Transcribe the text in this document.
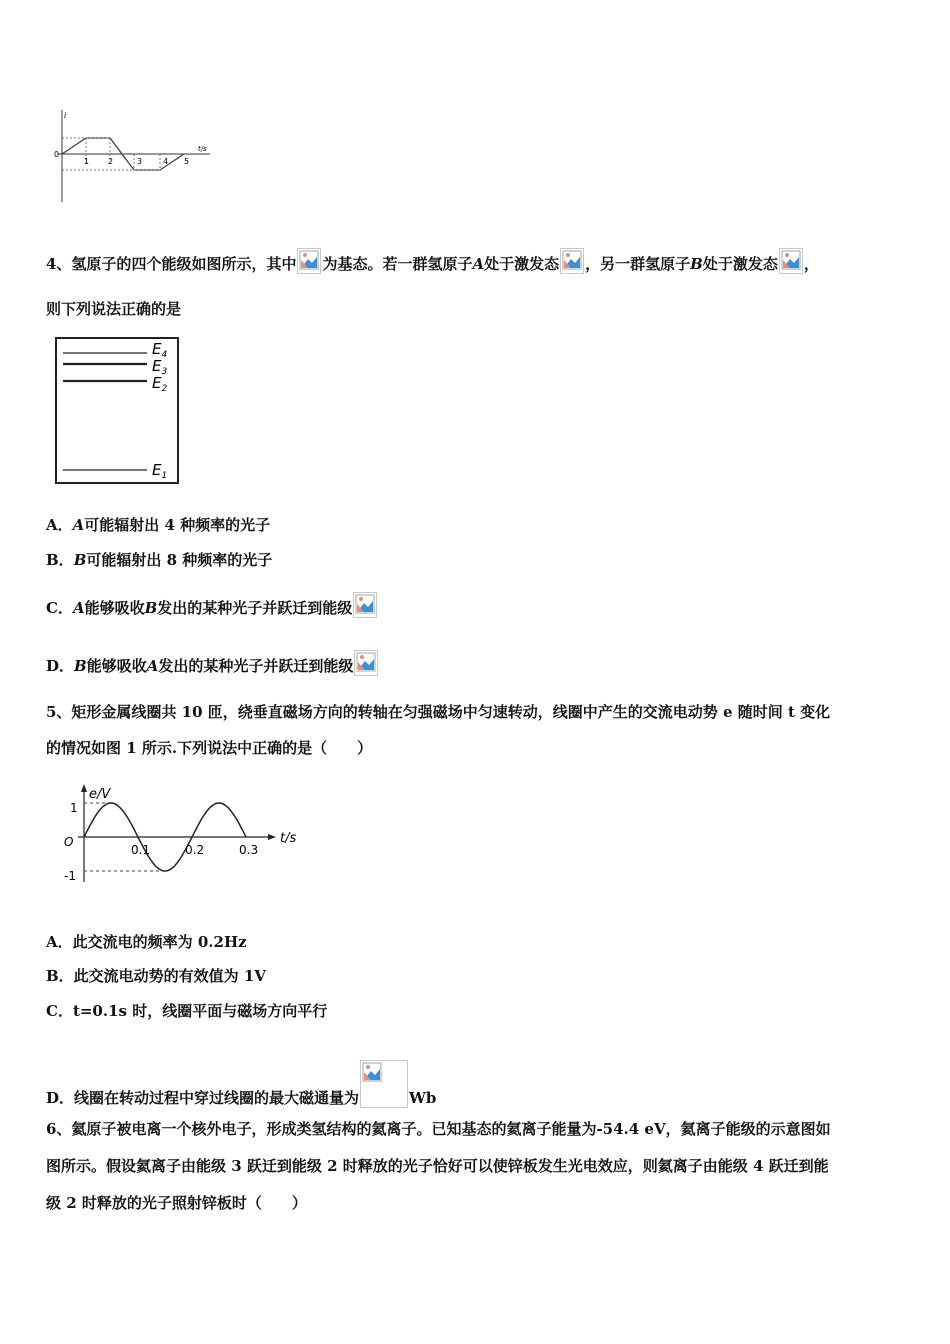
i
t/s
0
1 2	3	4 5
4、氢原子的四个能级如图所示，其中 为基态。若一群氢原子A处于激发态 ，另一群氢原子B处于激发态 ，
则下列说法正确的是
$E_4$
$E_3$
$E_2$
$E_1$
A．A可能辐射出 4 种频率的光子
B．B可能辐射出 8 种频率的光子
C．A能够吸收B发出的某种光子并跃迁到能级
D．B能够吸收A发出的某种光子并跃迁到能级
5、矩形金属线圈共 10 匝，绕垂直磁场方向的转轴在匀强磁场中匀速转动，线圈中产生的交流电动势 e 随时间 t 变化
的情况如图 1 所示.下列说法中正确的是（　　）
e/V
t/s
O
1
-1
0.1	0.2	0.3
A．此交流电的频率为 0.2Hz
B．此交流电动势的有效值为 1V
C．t=0.1s 时，线圈平面与磁场方向平行
D．线圈在转动过程中穿过线圈的最大磁通量为	Wb
6、氦原子被电离一个核外电子，形成类氢结构的氦离子。已知基态的氦离子能量为-54.4 eV，氦离子能级的示意图如
图所示。假设氦离子由能级 3 跃迁到能级 2 时释放的光子恰好可以使锌板发生光电效应，则氦离子由能级 4 跃迁到能
级 2 时释放的光子照射锌板时（　　）
